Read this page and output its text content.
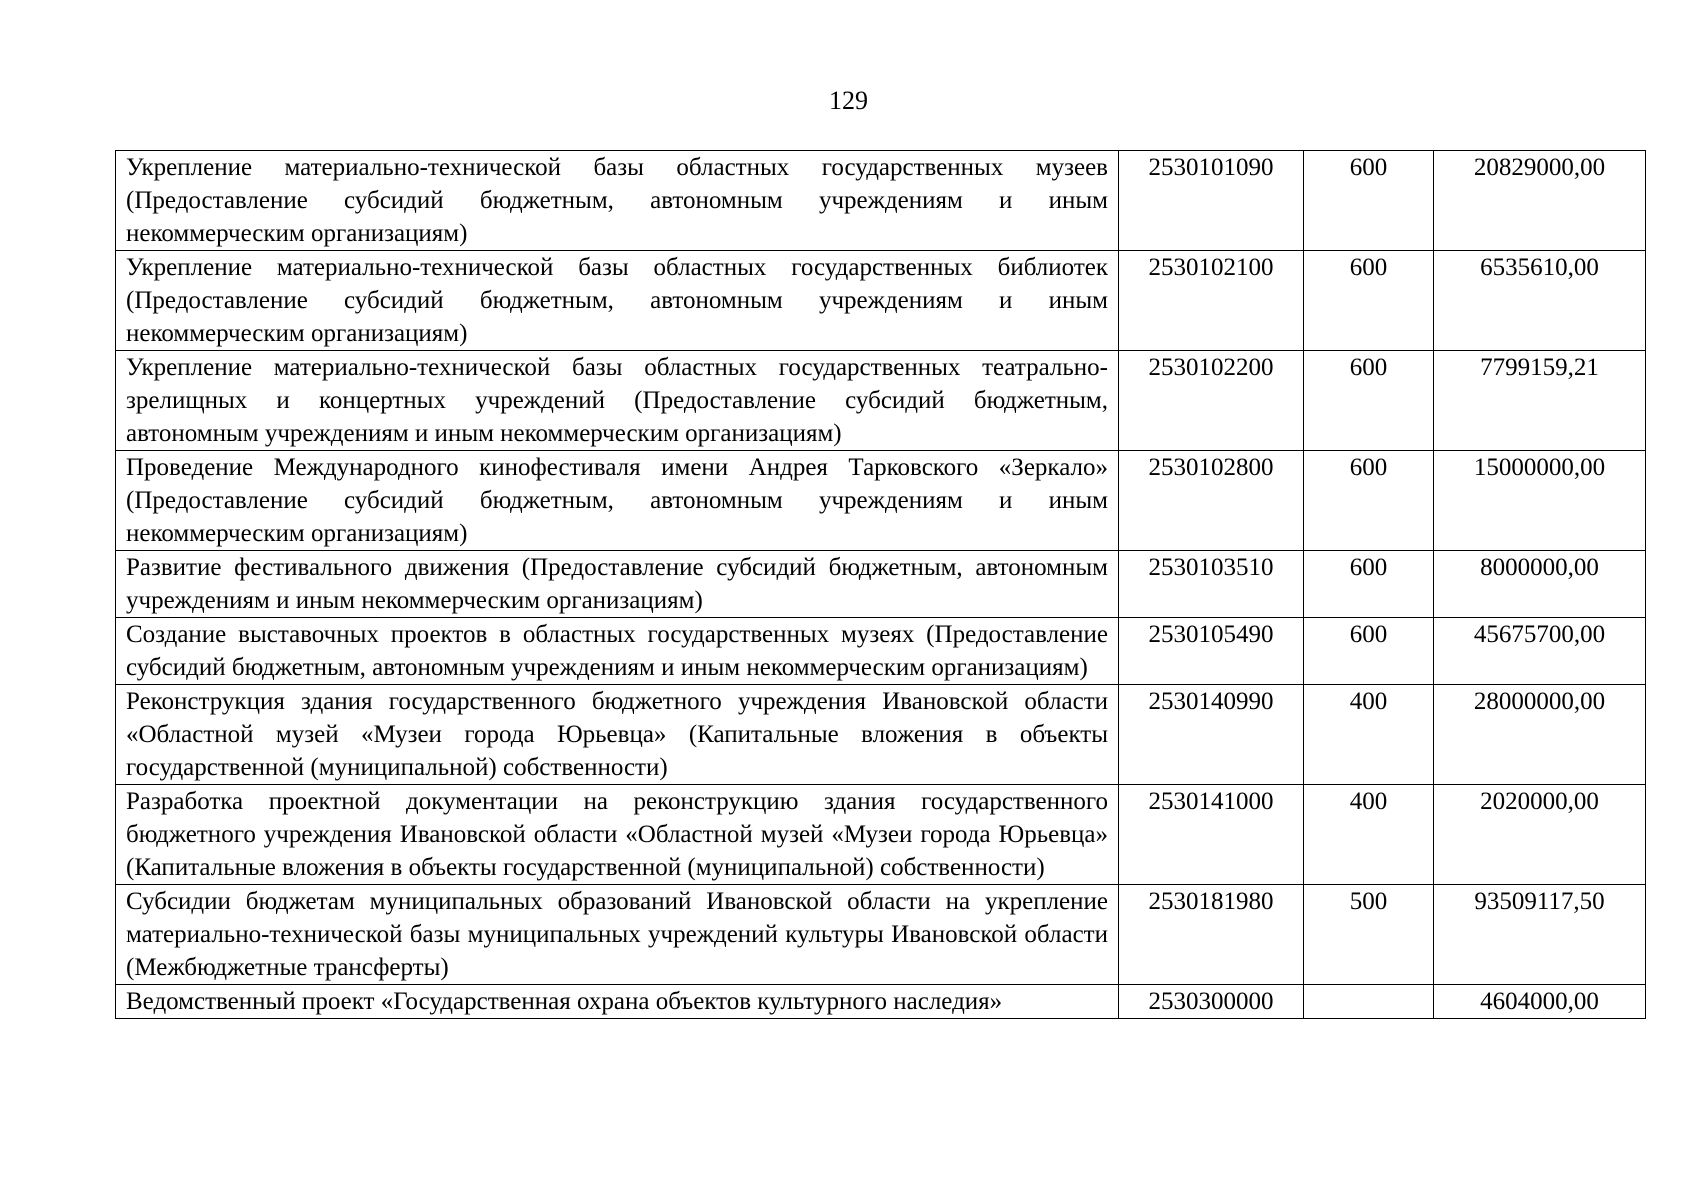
129
Укрепление материально-технической базы областных государственных музеев (Предоставление субсидий бюджетным, автономным учреждениям и иным некоммерческим организациям)	2530101090	600	20829000,00
Укрепление материально-технической базы областных государственных библиотек (Предоставление субсидий бюджетным, автономным учреждениям и иным некоммерческим организациям)	2530102100	600	6535610,00
Укрепление материально-технической базы областных государственных театрально-зрелищных и концертных учреждений (Предоставление субсидий бюджетным, автономным учреждениям и иным некоммерческим организациям)	2530102200	600	7799159,21
Проведение Международного кинофестиваля имени Андрея Тарковского «Зеркало» (Предоставление субсидий бюджетным, автономным учреждениям и иным некоммерческим организациям)	2530102800	600	15000000,00
Развитие фестивального движения (Предоставление субсидий бюджетным, автономным учреждениям и иным некоммерческим организациям)	2530103510	600	8000000,00
Создание выставочных проектов в областных государственных музеях (Предоставление субсидий бюджетным, автономным учреждениям и иным некоммерческим организациям)	2530105490	600	45675700,00
Реконструкция здания государственного бюджетного учреждения Ивановской области «Областной музей «Музеи города Юрьевца» (Капитальные вложения в объекты государственной (муниципальной) собственности)	2530140990	400	28000000,00
Разработка проектной документации на реконструкцию здания государственного бюджетного учреждения Ивановской области «Областной музей «Музеи города Юрьевца» (Капитальные вложения в объекты государственной (муниципальной) собственности)	2530141000	400	2020000,00
Субсидии бюджетам муниципальных образований Ивановской области на укрепление материально-технической базы муниципальных учреждений культуры Ивановской области (Межбюджетные трансферты)	2530181980	500	93509117,50
Ведомственный проект «Государственная охрана объектов культурного наследия»	2530300000		4604000,00
